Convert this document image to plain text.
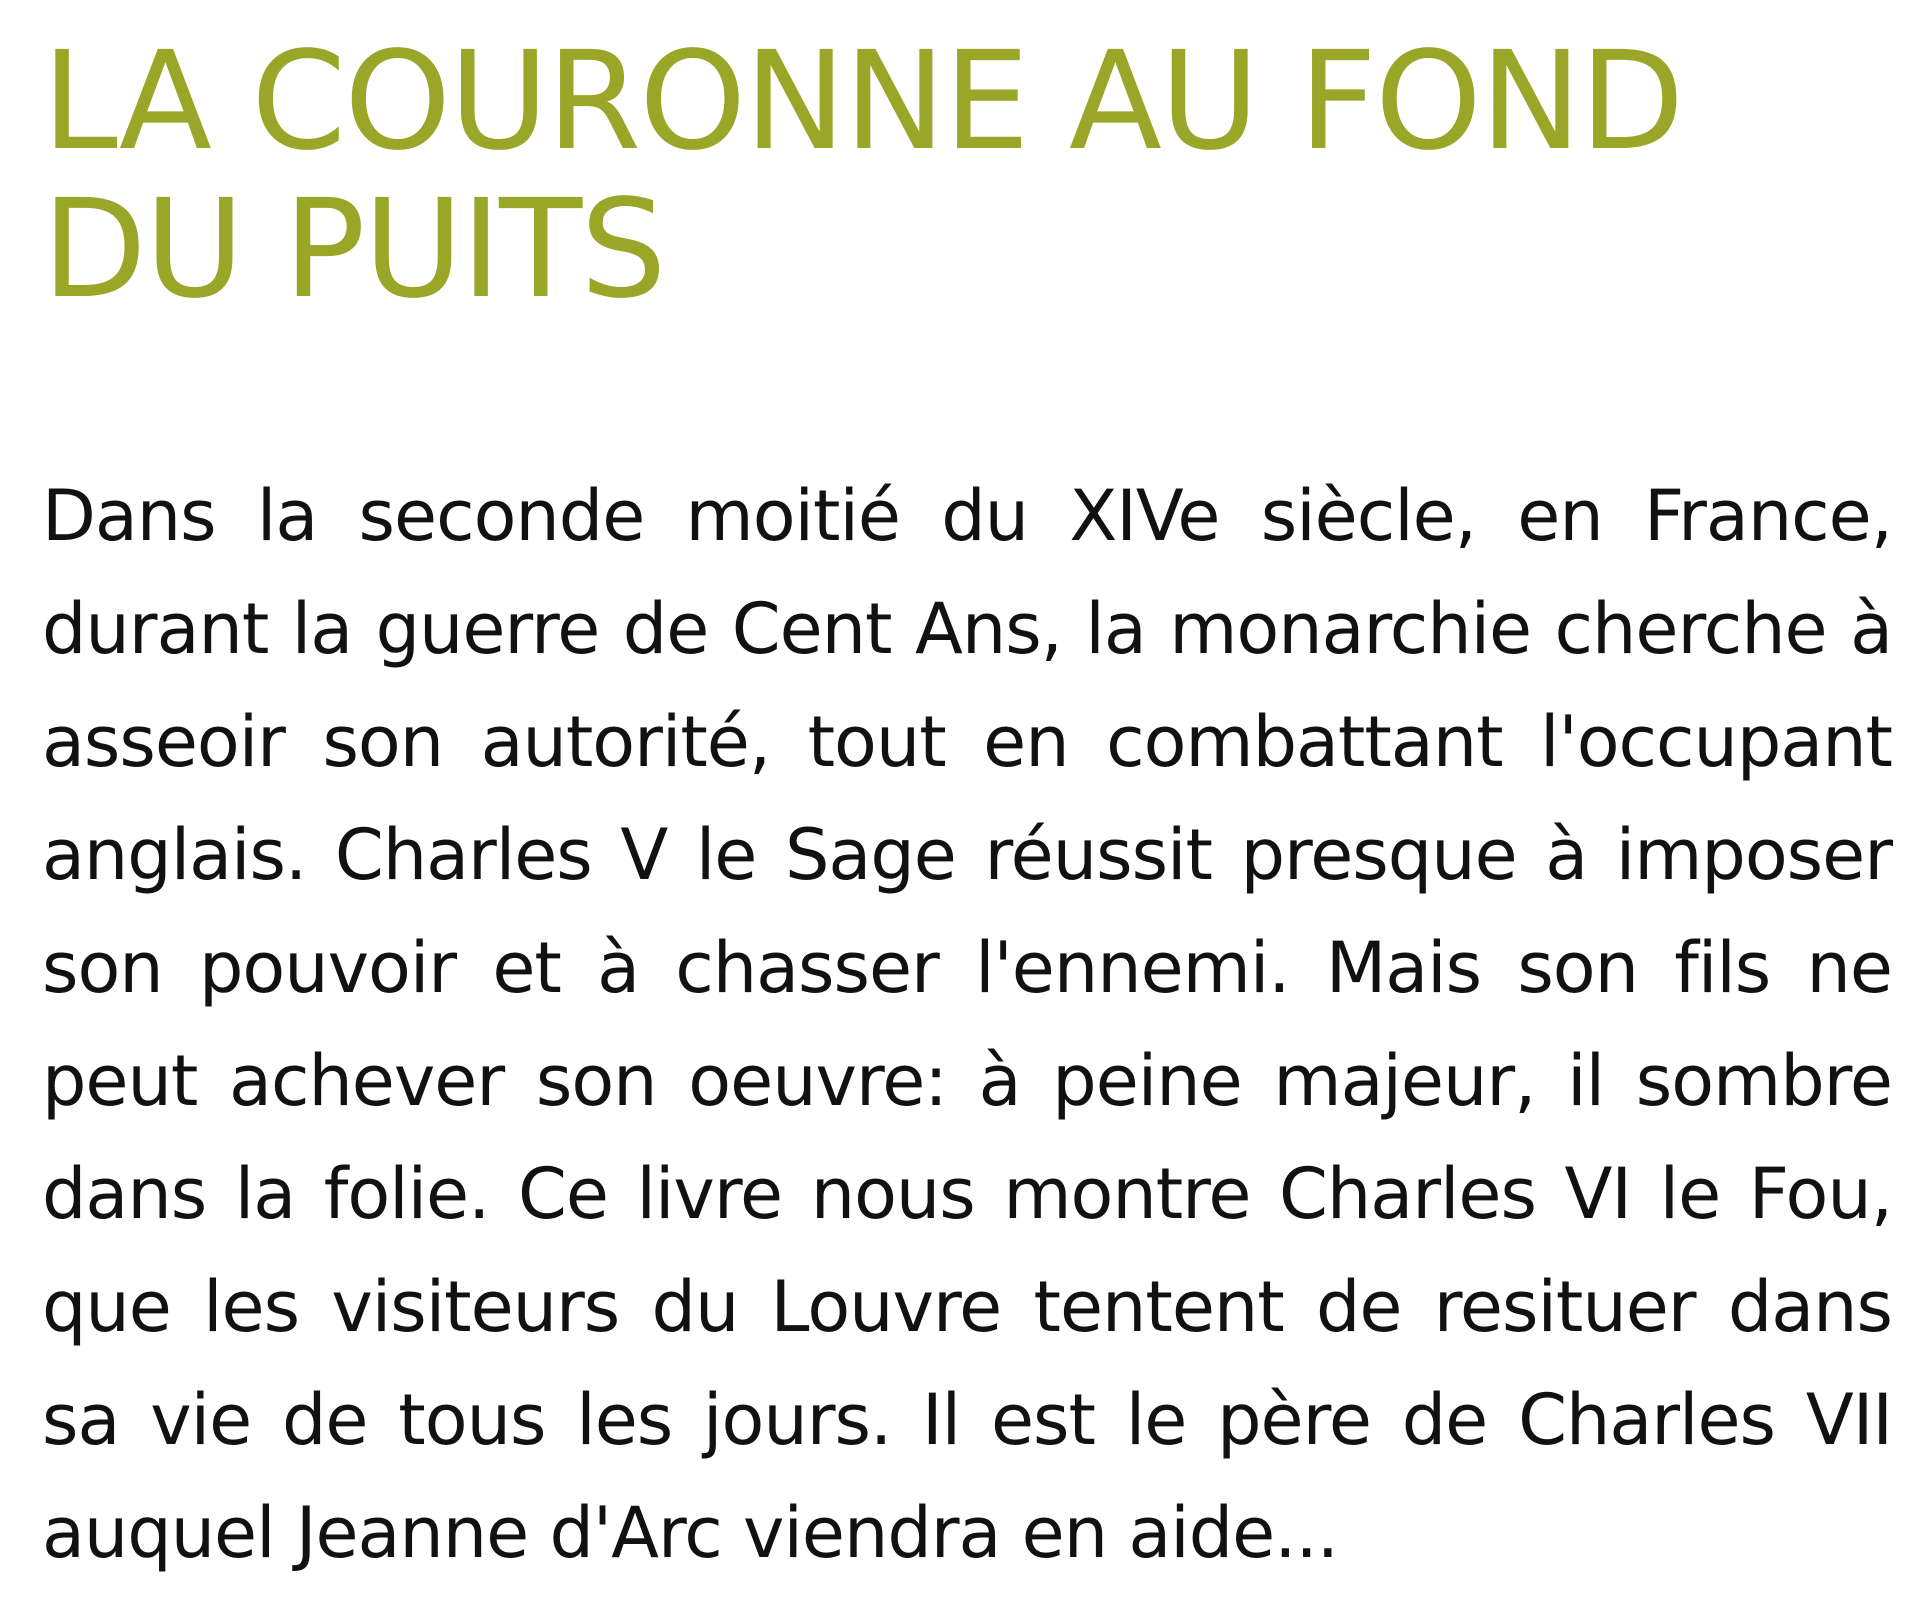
LA COURONNE AU FOND DU PUITS

Dans la seconde moitié du XIVe siècle, en France, durant la guerre de Cent Ans, la monarchie cherche à asseoir son autorité, tout en combattant l'occupant anglais. Charles V le Sage réussit presque à imposer son pouvoir et à chasser l'ennemi. Mais son fils ne peut achever son oeuvre: à peine majeur, il sombre dans la folie. Ce livre nous montre Charles VI le Fou, que les visiteurs du Louvre tentent de resituer dans sa vie de tous les jours. Il est le père de Charles VII auquel Jeanne d'Arc viendra en aide...
